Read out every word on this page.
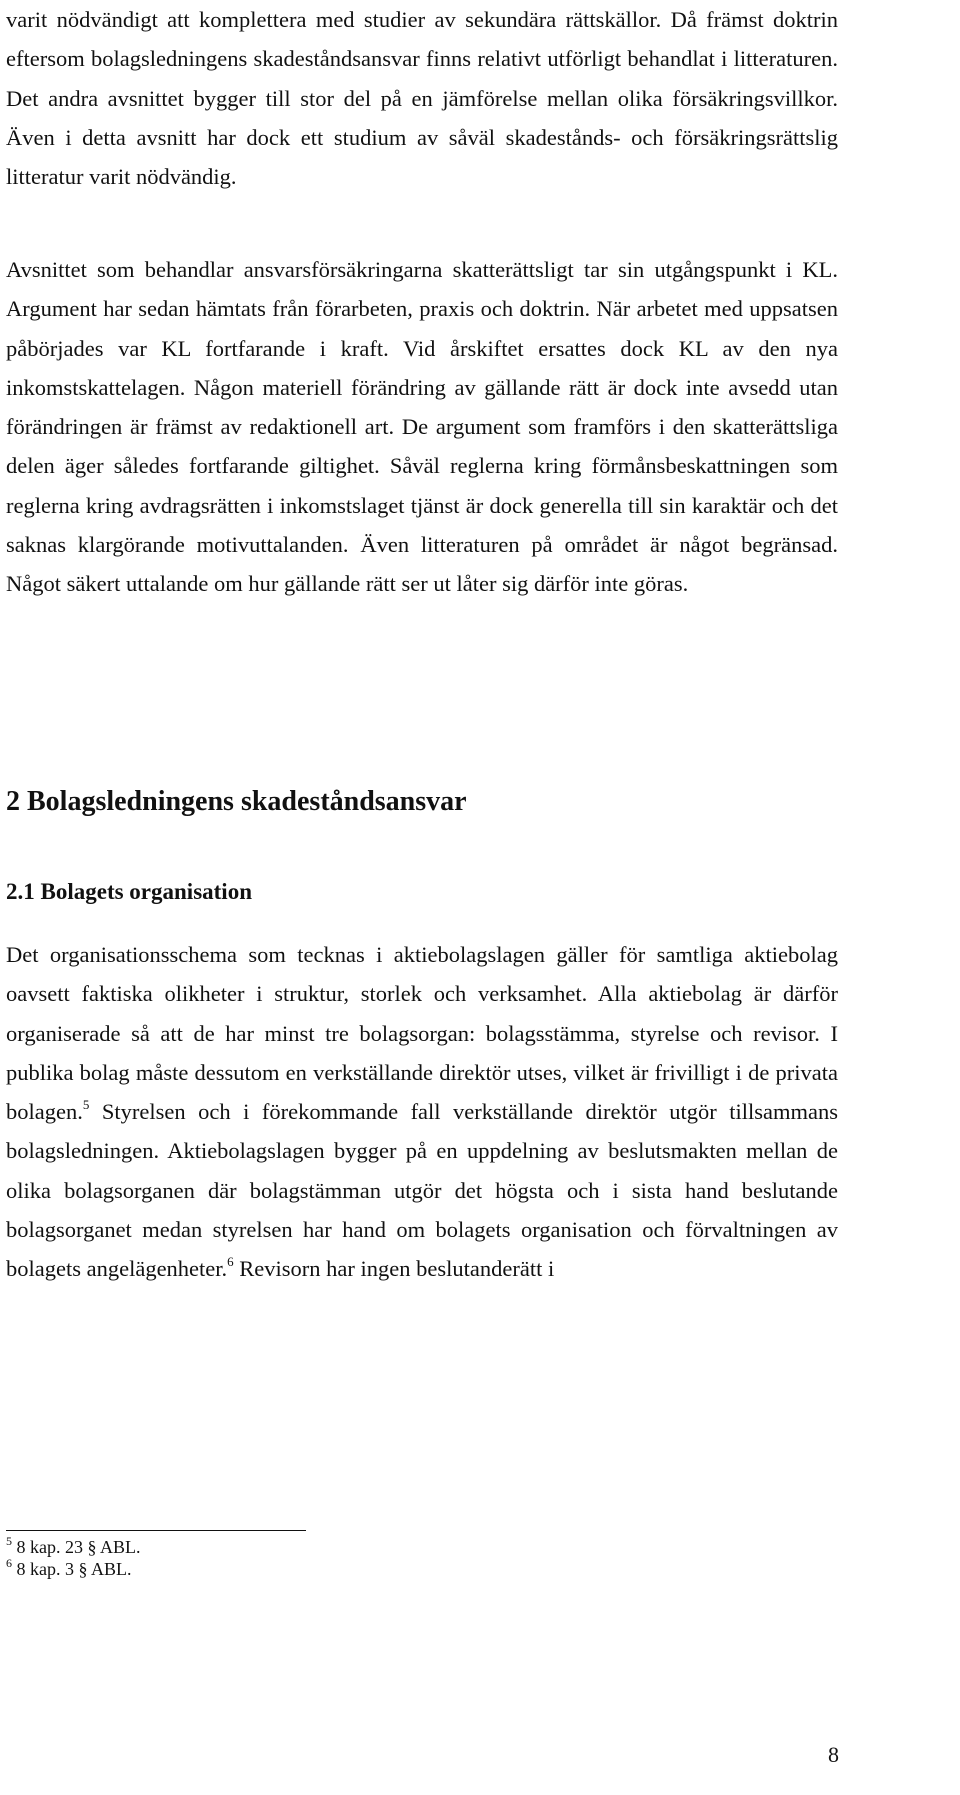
varit nödvändigt att komplettera med studier av sekundära rättskällor. Då främst doktrin eftersom bolagsledningens skadeståndsansvar finns relativt utförligt behandlat i litteraturen. Det andra avsnittet bygger till stor del på en jämförelse mellan olika försäkringsvillkor. Även i detta avsnitt har dock ett studium av såväl skadestånds- och försäkringsrättslig litteratur varit nödvändig.

Avsnittet som behandlar ansvarsförsäkringarna skatterättsligt tar sin utgångspunkt i KL. Argument har sedan hämtats från förarbeten, praxis och doktrin. När arbetet med uppsatsen påbörjades var KL fortfarande i kraft. Vid årskiftet ersattes dock KL av den nya inkomstskattelagen. Någon materiell förändring av gällande rätt är dock inte avsedd utan förändringen är främst av redaktionell art. De argument som framförs i den skatterättsliga delen äger således fortfarande giltighet. Såväl reglerna kring förmånsbeskattningen som reglerna kring avdragsrätten i inkomstslaget tjänst är dock generella till sin karaktär och det saknas klargörande motivuttalanden. Även litteraturen på området är något begränsad. Något säkert uttalande om hur gällande rätt ser ut låter sig därför inte göras.

2 Bolagsledningens skadeståndsansvar
2.1 Bolagets organisation

Det organisationsschema som tecknas i aktiebolagslagen gäller för samtliga aktiebolag oavsett faktiska olikheter i struktur, storlek och verksamhet. Alla aktiebolag är därför organiserade så att de har minst tre bolagsorgan: bolagsstämma, styrelse och revisor. I publika bolag måste dessutom en verkställande direktör utses, vilket är frivilligt i de privata bolagen.$^5$ Styrelsen och i förekommande fall verkställande direktör utgör tillsammans bolagsledningen. Aktiebolagslagen bygger på en uppdelning av beslutsmakten mellan de olika bolagsorganen där bolagstämman utgör det högsta och i sista hand beslutande bolagsorganet medan styrelsen har hand om bolagets organisation och förvaltningen av bolagets angelägenheter.$^6$ Revisorn har ingen beslutanderätt i

$^5$ 8 kap. 23 § ABL.

$^6$ 8 kap. 3 § ABL.

8
